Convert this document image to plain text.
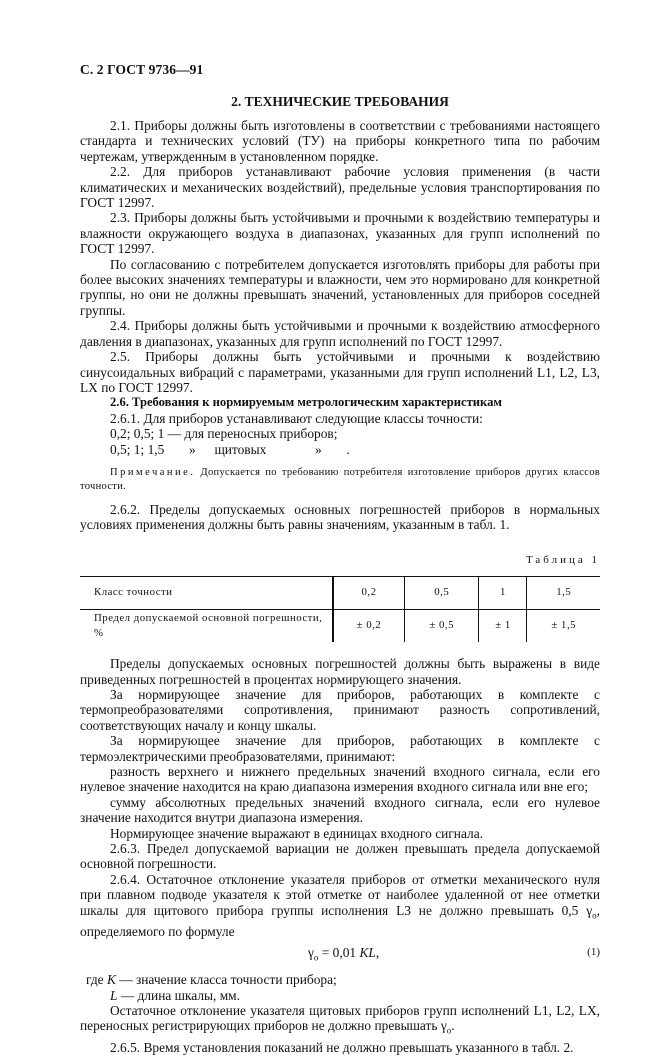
С. 2 ГОСТ 9736—91
2. ТЕХНИЧЕСКИЕ ТРЕБОВАНИЯ

2.1. Приборы должны быть изготовлены в соответствии с требованиями настоящего стандарта и технических условий (ТУ) на приборы конкретного типа по рабочим чертежам, утвержденным в установленном порядке.

2.2. Для приборов устанавливают рабочие условия применения (в части климатических и механических воздействий), предельные условия транспортирования по ГОСТ 12997.

2.3. Приборы должны быть устойчивыми и прочными к воздействию температуры и влажности окружающего воздуха в диапазонах, указанных для групп исполнений по ГОСТ 12997.

По согласованию с потребителем допускается изготовлять приборы для работы при более высоких значениях температуры и влажности, чем это нормировано для конкретной группы, но они не должны превышать значений, установленных для приборов соседней группы.

2.4. Приборы должны быть устойчивыми и прочными к воздействию атмосферного давления в диапазонах, указанных для групп исполнений по ГОСТ 12997.

2.5. Приборы должны быть устойчивыми и прочными к воздействию синусоидальных вибраций с параметрами, указанными для групп исполнений L1, L2, L3, LX по ГОСТ 12997.

2.6. Требования к нормируемым метрологическим характеристикам

2.6.1. Для приборов устанавливают следующие классы точности:

0,2; 0,5; 1 — для переносных приборов;
0,5; 1; 1,5 » щитовых	» .

Примечание. Допускается по требованию потребителя изготовление приборов других классов точности.

2.6.2. Пределы допускаемых основных погрешностей приборов в нормальных условиях применения должны быть равны значениям, указанным в табл. 1.

Таблица 1
Класс точности	0,2	0,5	1	1,5
Предел допускаемой основной погрешности, %	± 0,2	± 0,5	± 1	± 1,5

Пределы допускаемых основных погрешностей должны быть выражены в виде приведенных погрешностей в процентах нормирующего значения.

За нормирующее значение для приборов, работающих в комплекте с термопреобразователями сопротивления, принимают разность сопротивлений, соответствующих началу и концу шкалы.

За нормирующее значение для приборов, работающих в комплекте с термоэлектрическими преобразователями, принимают:

разность верхнего и нижнего предельных значений входного сигнала, если его нулевое значение находится на краю диапазона измерения входного сигнала или вне его;

сумму абсолютных предельных значений входного сигнала, если его нулевое значение находится внутри диапазона измерения.

Нормирующее значение выражают в единицах входного сигнала.

2.6.3. Предел допускаемой вариации не должен превышать предела допускаемой основной погрешности.

2.6.4. Остаточное отклонение указателя приборов от отметки механического нуля при плавном подводе указателя к этой отметке от наиболее удаленной от нее отметки шкалы для щитового прибора группы исполнения L3 не должно превышать 0,5 $\gamma_о$, определяемого по формуле

$\gamma_о = 0,01$ KL,	(1)
где K — значение класса точности прибора;
L — длина шкалы, мм.

Остаточное отклонение указателя щитовых приборов групп исполнений L1, L2, LX, переносных регистрирующих приборов не должно превышать $\gamma_о$.

2.6.5. Время установления показаний не должно превышать указанного в табл. 2.
